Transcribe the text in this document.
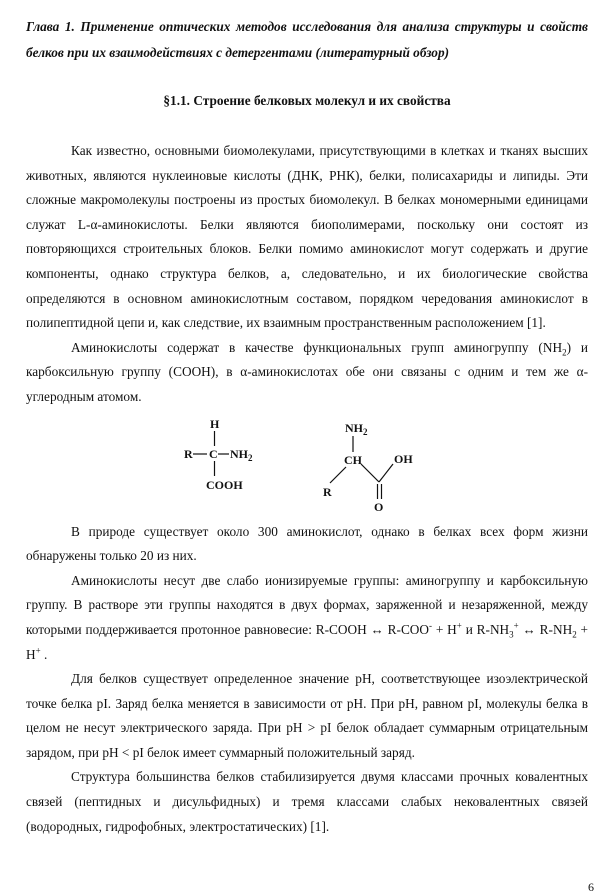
Глава 1. Применение оптических методов исследования для анализа структуры и свойств белков при их взаимодействиях с детергентами (литературный обзор)
§1.1. Строение белковых молекул и их свойства

Как известно, основными биомолекулами, присутствующими в клетках и тканях высших животных, являются нуклеиновые кислоты (ДНК, РНК), белки, полисахариды и липиды. Эти сложные макромолекулы построены из простых биомолекул. В белках мономерными единицами служат L-α-аминокислоты. Белки являются биополимерами, поскольку они состоят из повторяющихся строительных блоков. Белки помимо аминокислот могут содержать и другие компоненты, однако структура белков, а, следовательно, и их биологические свойства определяются в основном аминокислотным составом, порядком чередования аминокислот в полипептидной цепи и, как следствие, их взаимным пространственным расположением [1].

Аминокислоты содержат в качестве функциональных групп аминогруппу $(NH_2)$ и карбоксильную группу (COOH), в α-аминокислотах обе они связаны с одним и тем же α-углеродным атомом.

H
R C $NH_2$
COOH
$NH_2$
CH
R
OH
O

В природе существует около 300 аминокислот, однако в белках всех форм жизни обнаружены только 20 из них.

Аминокислоты несут две слабо ионизируемые группы: аминогруппу и карбоксильную группу. В растворе эти группы находятся в двух формах, заряженной и незаряженной, между которыми поддерживается протонное равновесие: R-COOH ↔ R-COO- + H+ и $R-NH_3^+$ ↔ $R-NH_2 + H^+$ .

Для белков существует определенное значение pH, соответствующее изоэлектрической точке белка pI. Заряд белка меняется в зависимости от pH. При pH, равном pI, молекулы белка в целом не несут электрического заряда. При pH > pI белок обладает суммарным отрицательным зарядом, при pH < pI белок имеет суммарный положительный заряд.

Структура большинства белков стабилизируется двумя классами прочных ковалентных связей (пептидных и дисульфидных) и тремя классами слабых нековалентных связей (водородных, гидрофобных, электростатических) [1].

6
